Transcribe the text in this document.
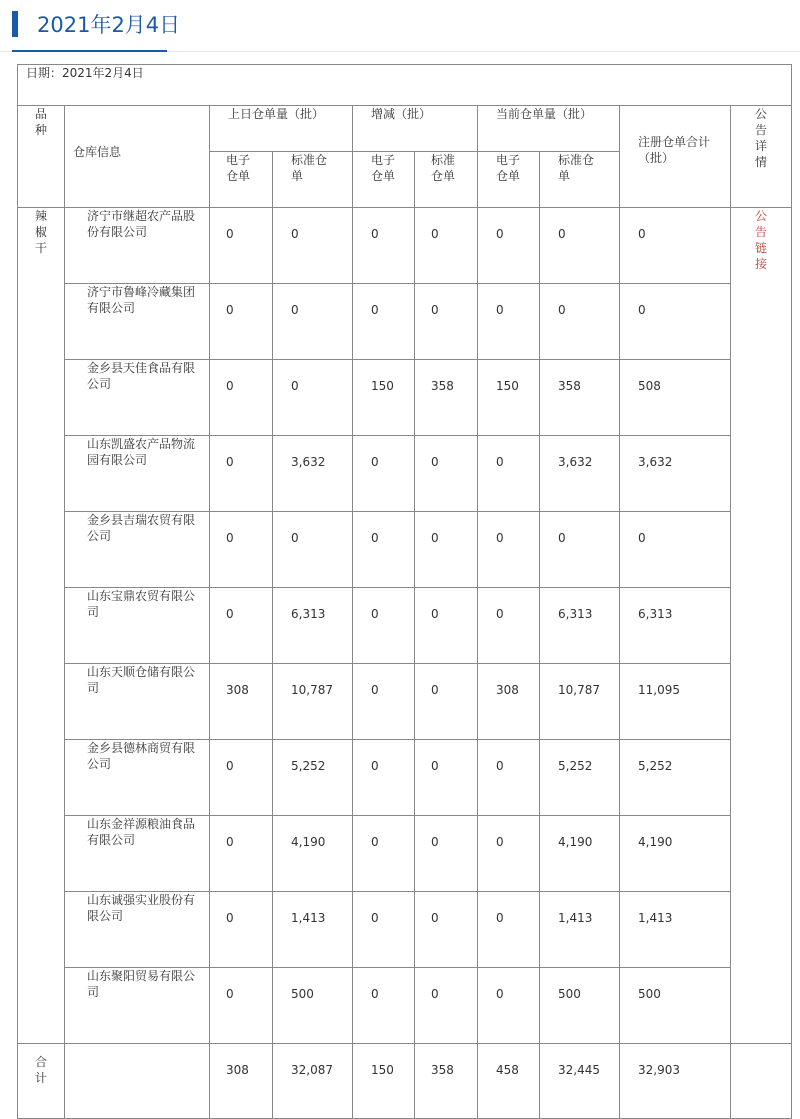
2021年2月4日
日期：2021年2月4日									
品种	仓库信息	上日仓单量（批）		增减（批）		当前仓单量（批）		注册仓单合计（批）	公告详情
		电子仓单	标准仓单	电子仓单	标准仓单	电子仓单	标准仓单		
辣椒干	济宁市继超农产品股份有限公司	0	0	0	0	0	0	0	公告链接
	济宁市鲁峰冷藏集团有限公司	0	0	0	0	0	0	0	
	金乡县天佳食品有限公司	0	0	150	358	150	358	508	
	山东凯盛农产品物流园有限公司	0	3,632	0	0	0	3,632	3,632	
	金乡县吉瑞农贸有限公司	0	0	0	0	0	0	0	
	山东宝鼎农贸有限公司	0	6,313	0	0	0	6,313	6,313	
	山东天顺仓储有限公司	308	10,787	0	0	308	10,787	11,095	
	金乡县德林商贸有限公司	0	5,252	0	0	0	5,252	5,252	
	山东金祥源粮油食品有限公司	0	4,190	0	0	0	4,190	4,190	
	山东诚强实业股份有限公司	0	1,413	0	0	0	1,413	1,413	
	山东聚阳贸易有限公司	0	500	0	0	0	500	500	
合计		308	32,087	150	358	458	32,445	32,903	
